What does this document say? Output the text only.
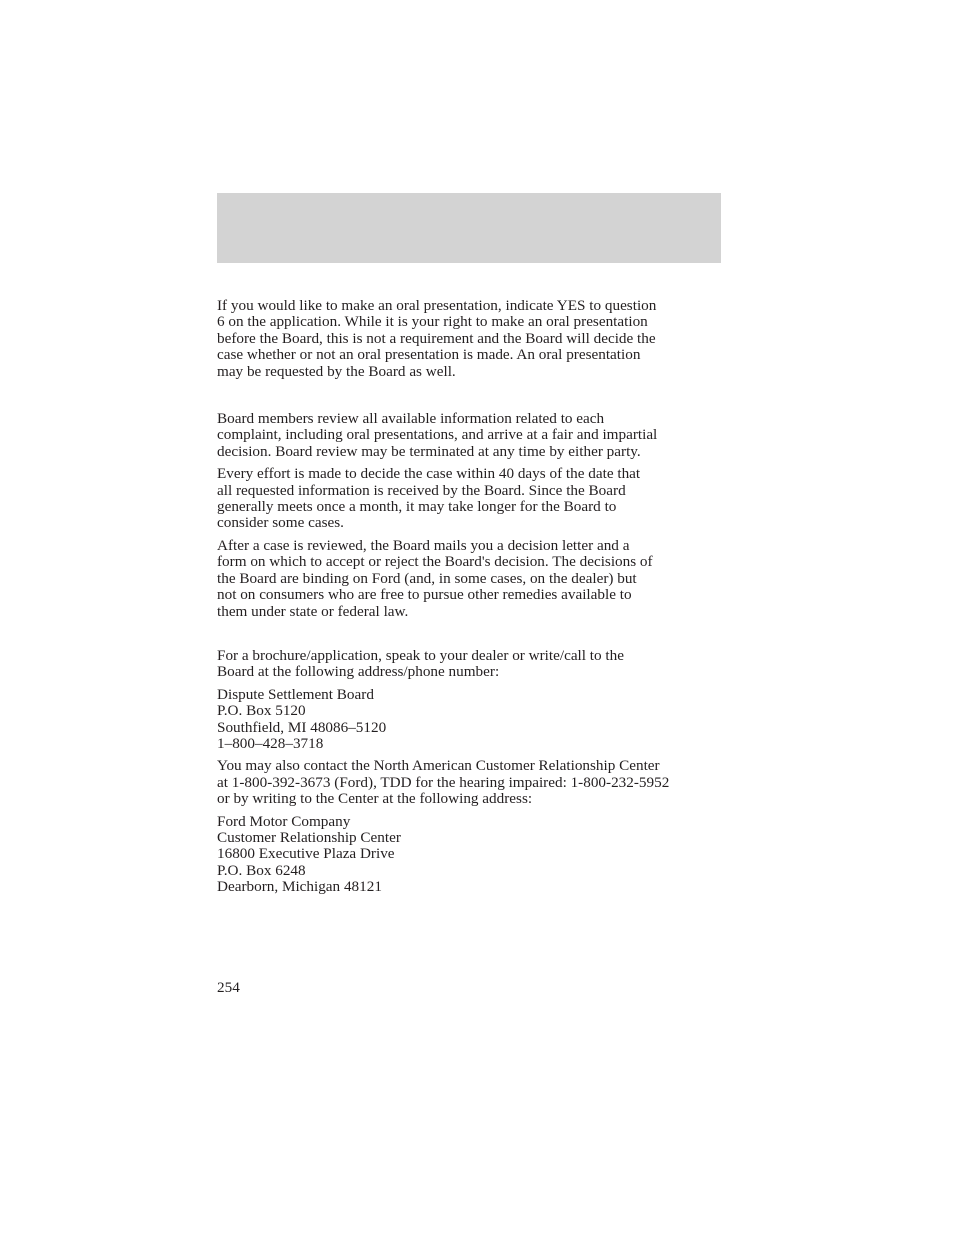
If you would like to make an oral presentation, indicate YES to question
6 on the application. While it is your right to make an oral presentation
before the Board, this is not a requirement and the Board will decide the
case whether or not an oral presentation is made. An oral presentation
may be requested by the Board as well.

Board members review all available information related to each
complaint, including oral presentations, and arrive at a fair and impartial
decision. Board review may be terminated at any time by either party.

Every effort is made to decide the case within 40 days of the date that
all requested information is received by the Board. Since the Board
generally meets once a month, it may take longer for the Board to
consider some cases.

After a case is reviewed, the Board mails you a decision letter and a
form on which to accept or reject the Board's decision. The decisions of
the Board are binding on Ford (and, in some cases, on the dealer) but
not on consumers who are free to pursue other remedies available to
them under state or federal law.

For a brochure/application, speak to your dealer or write/call to the
Board at the following address/phone number:

Dispute Settlement Board
P.O. Box 5120
Southfield, MI 48086–5120
1–800–428–3718

You may also contact the North American Customer Relationship Center
at 1-800-392-3673 (Ford), TDD for the hearing impaired: 1-800-232-5952
or by writing to the Center at the following address:

Ford Motor Company
Customer Relationship Center
16800 Executive Plaza Drive
P.O. Box 6248
Dearborn, Michigan 48121

254
